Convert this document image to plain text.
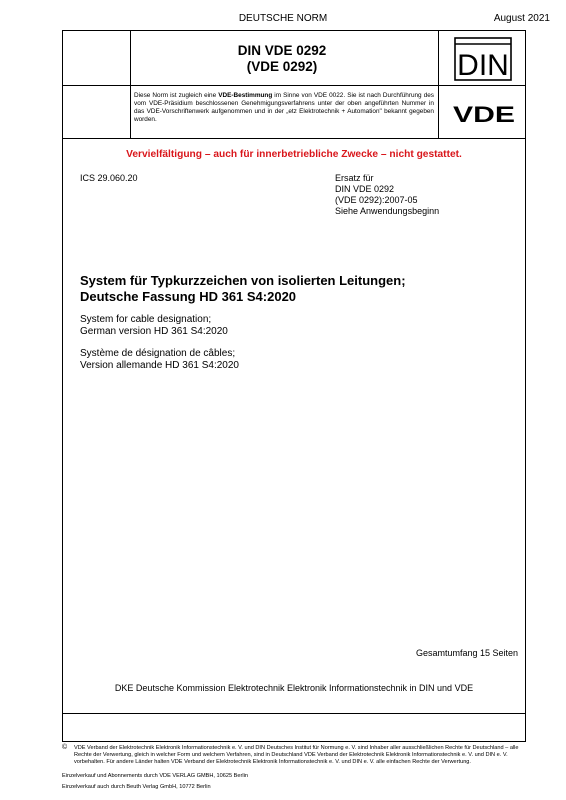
DEUTSCHE NORM	August 2021
DIN VDE 0292
(VDE 0292)	DIN
Diese Norm ist zugleich eine VDE-Bestimmung im Sinne von VDE 0022. Sie ist nach Durchführung des vom VDE-Präsidium beschlossenen Genehmigungsverfahrens unter der oben angeführten Nummer in das VDE-Vorschriftenwerk aufgenommen und in der „etz Elektrotechnik + Automation" bekannt gegeben worden.	VDE
Vervielfältigung – auch für innerbetriebliche Zwecke – nicht gestattet.
ICS 29.060.20	Ersatz für
DIN VDE 0292
(VDE 0292):2007-05
Siehe Anwendungsbeginn
System für Typkurzzeichen von isolierten Leitungen;
Deutsche Fassung HD 361 S4:2020
System for cable designation;
German version HD 361 S4:2020
Système de désignation de câbles;
Version allemande HD 361 S4:2020
Gesamtumfang 15 Seiten
DKE Deutsche Kommission Elektrotechnik Elektronik Informationstechnik in DIN und VDE
© VDE Verband der Elektrotechnik Elektronik Informationstechnik e. V. und DIN Deutsches Institut für Normung e. V. sind Inhaber aller ausschließlichen Rechte für Deutschland – alle Rechte der Verwertung, gleich in welcher Form und welchem Verfahren, sind in Deutschland VDE Verband der Elektrotechnik Elektronik Informationstechnik e. V. und DIN e. V. vorbehalten. Für andere Länder halten VDE Verband der Elektrotechnik Elektronik Informationstechnik e. V. und DIN e. V. alle einfachen Rechte der Verwertung.
Einzelverkauf und Abonnements durch VDE VERLAG GMBH, 10625 Berlin
Einzelverkauf auch durch Beuth Verlag GmbH, 10772 Berlin
